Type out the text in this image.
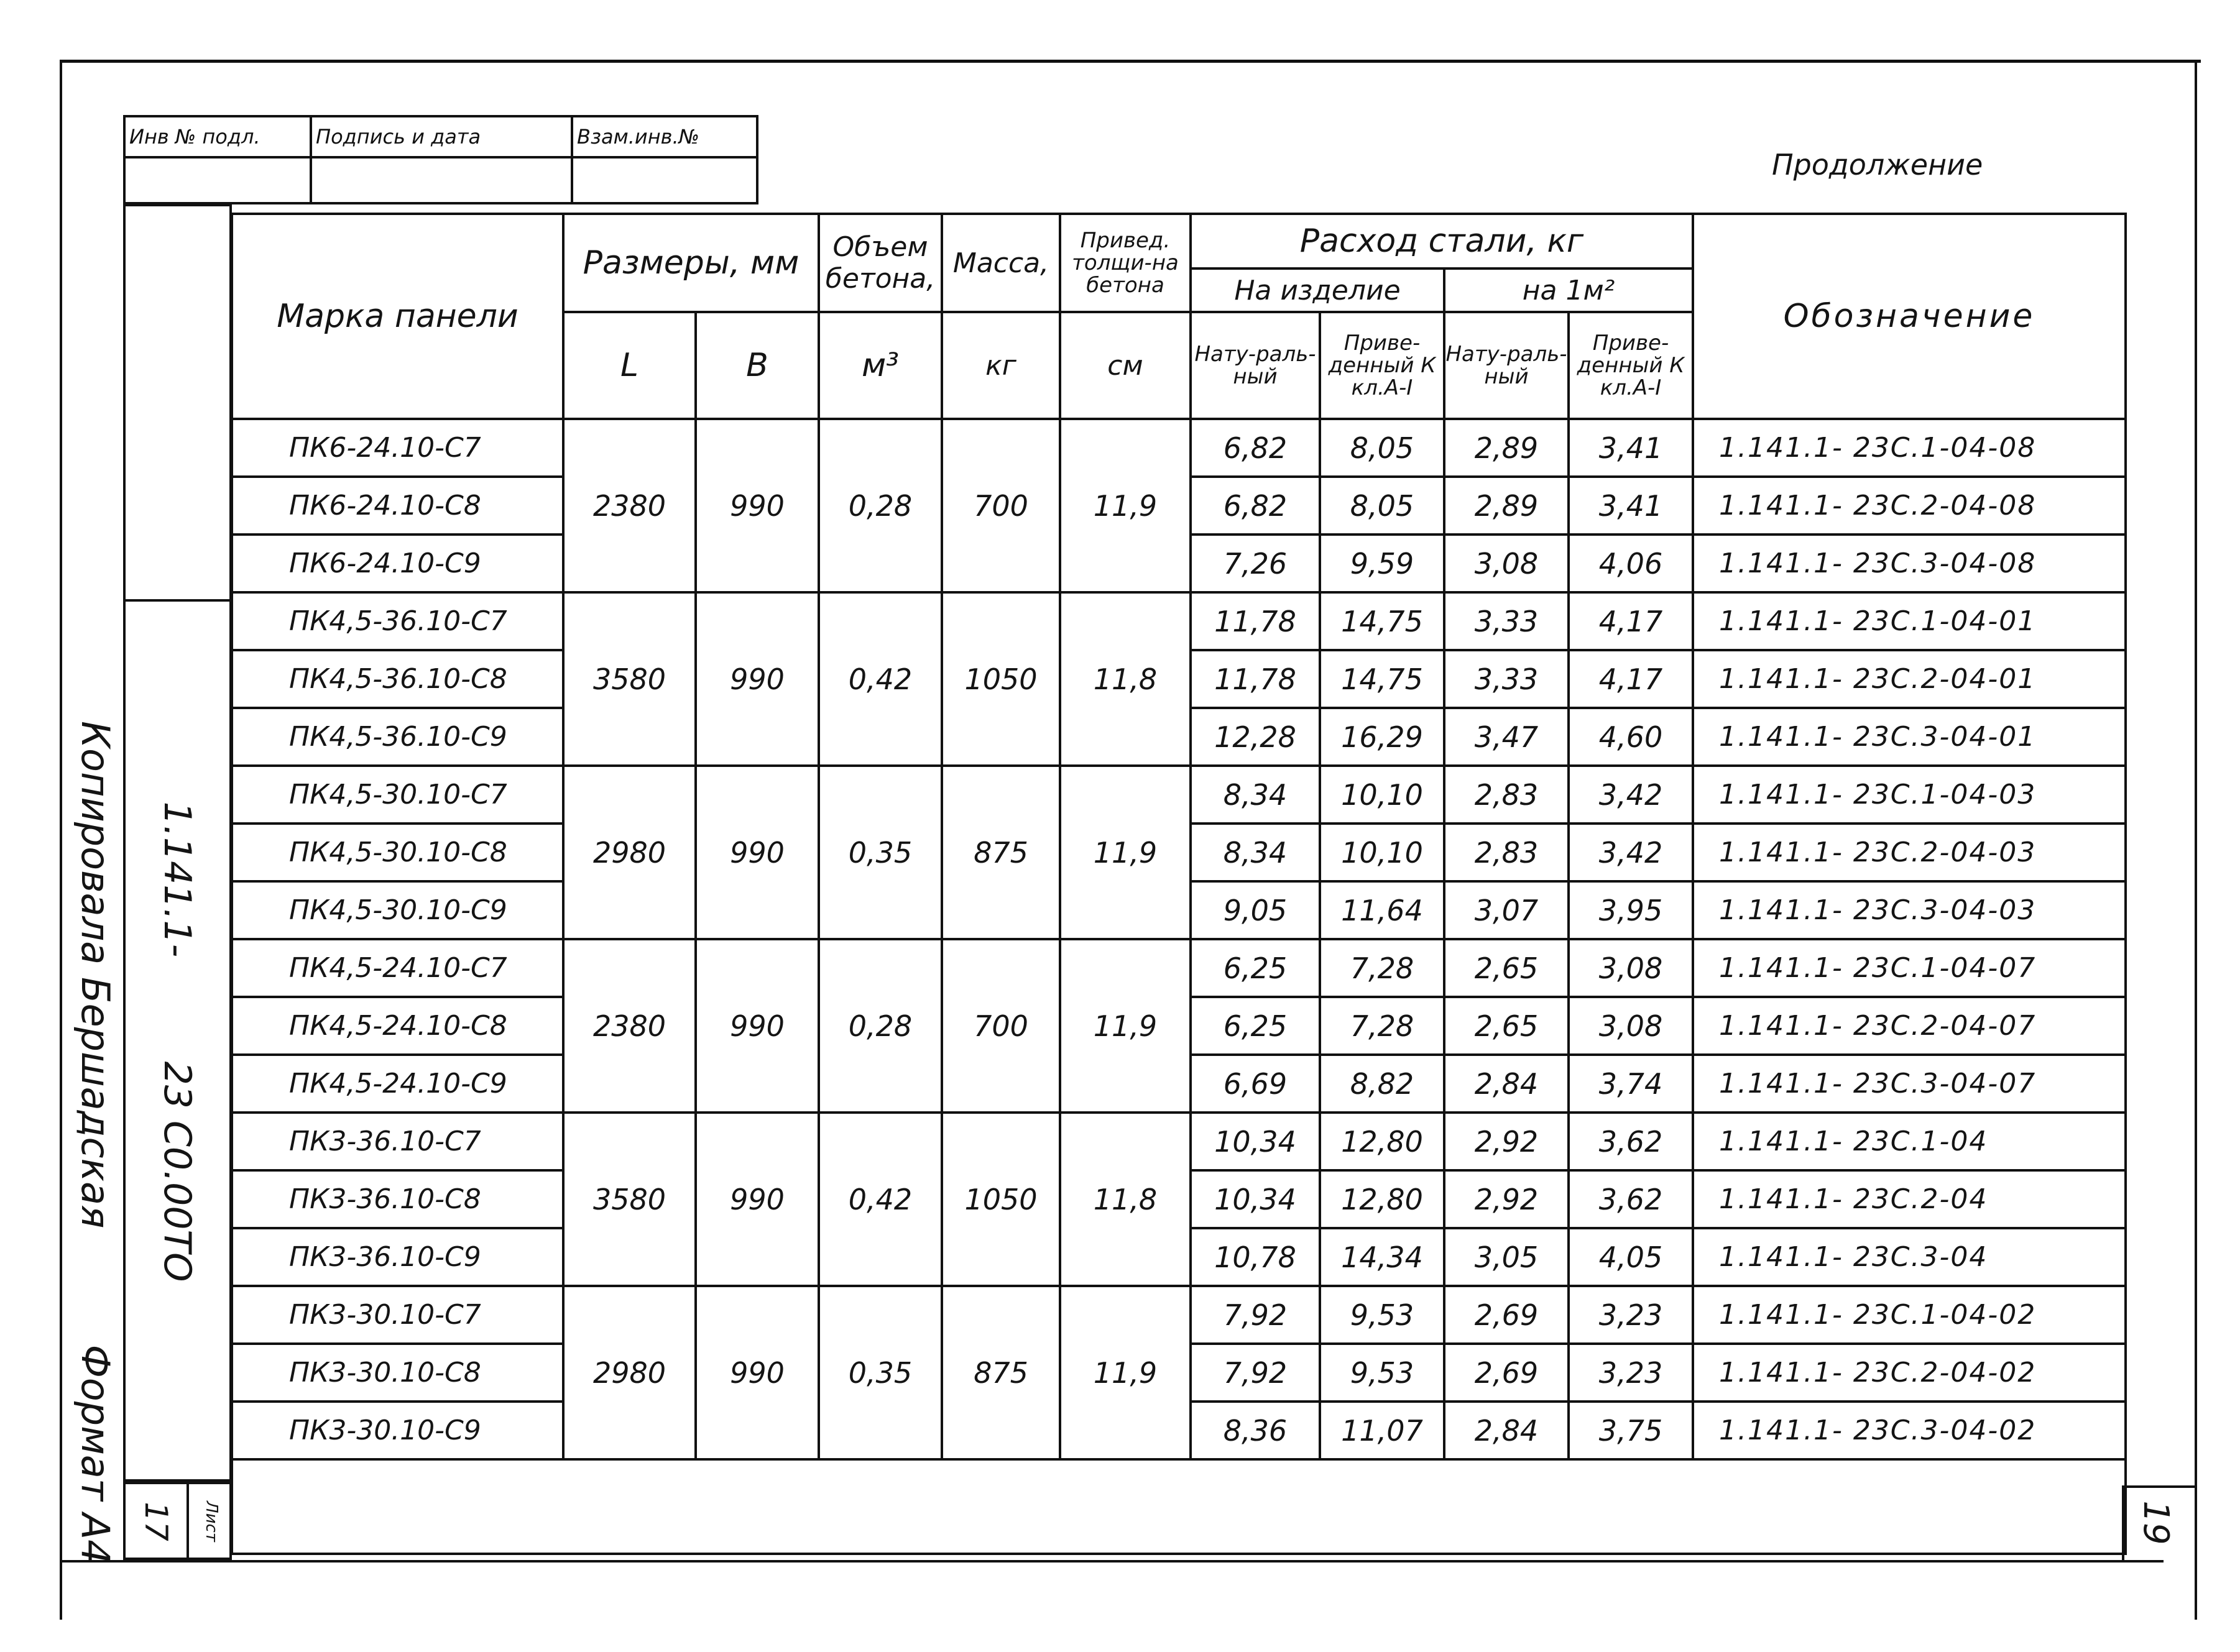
Инв № подл.	Подпись и дата	Взам.инв.№

Продолжение
1.141.1-
23 С0.00ТО
17	Лист
Копировала Бершадская
Формат А4	19
Марка панели	Размеры, мм		Объем бетона,	Масса,	Привед. толщи-на бетона	Расход стали, кг				Обозначение
						На изделие		на 1м²		
	L	В	м³	кг	см	Нату-раль-ный	Приве-денный К кл.А-I	Нату-раль-ный	Приве-денный К кл.А-I	
ПК6-24.10-С7	2380	990	0,28	700	11,9	6,82	8,05	2,89	3,41	1.141.1- 23С.1-04-08
ПК6-24.10-С8						6,82	8,05	2,89	3,41	1.141.1- 23С.2-04-08
ПК6-24.10-С9						7,26	9,59	3,08	4,06	1.141.1- 23С.3-04-08
ПК4,5-36.10-С7	3580	990	0,42	1050	11,8	11,78	14,75	3,33	4,17	1.141.1- 23С.1-04-01
ПК4,5-36.10-С8						11,78	14,75	3,33	4,17	1.141.1- 23С.2-04-01
ПК4,5-36.10-С9						12,28	16,29	3,47	4,60	1.141.1- 23С.3-04-01
ПК4,5-30.10-С7	2980	990	0,35	875	11,9	8,34	10,10	2,83	3,42	1.141.1- 23С.1-04-03
ПК4,5-30.10-С8						8,34	10,10	2,83	3,42	1.141.1- 23С.2-04-03
ПК4,5-30.10-С9						9,05	11,64	3,07	3,95	1.141.1- 23С.3-04-03
ПК4,5-24.10-С7	2380	990	0,28	700	11,9	6,25	7,28	2,65	3,08	1.141.1- 23С.1-04-07
ПК4,5-24.10-С8						6,25	7,28	2,65	3,08	1.141.1- 23С.2-04-07
ПК4,5-24.10-С9						6,69	8,82	2,84	3,74	1.141.1- 23С.3-04-07
ПК3-36.10-С7	3580	990	0,42	1050	11,8	10,34	12,80	2,92	3,62	1.141.1- 23С.1-04
ПК3-36.10-С8						10,34	12,80	2,92	3,62	1.141.1- 23С.2-04
ПК3-36.10-С9						10,78	14,34	3,05	4,05	1.141.1- 23С.3-04
ПК3-30.10-С7	2980	990	0,35	875	11,9	7,92	9,53	2,69	3,23	1.141.1- 23С.1-04-02
ПК3-30.10-С8						7,92	9,53	2,69	3,23	1.141.1- 23С.2-04-02
ПК3-30.10-С9						8,36	11,07	2,84	3,75	1.141.1- 23С.3-04-02
